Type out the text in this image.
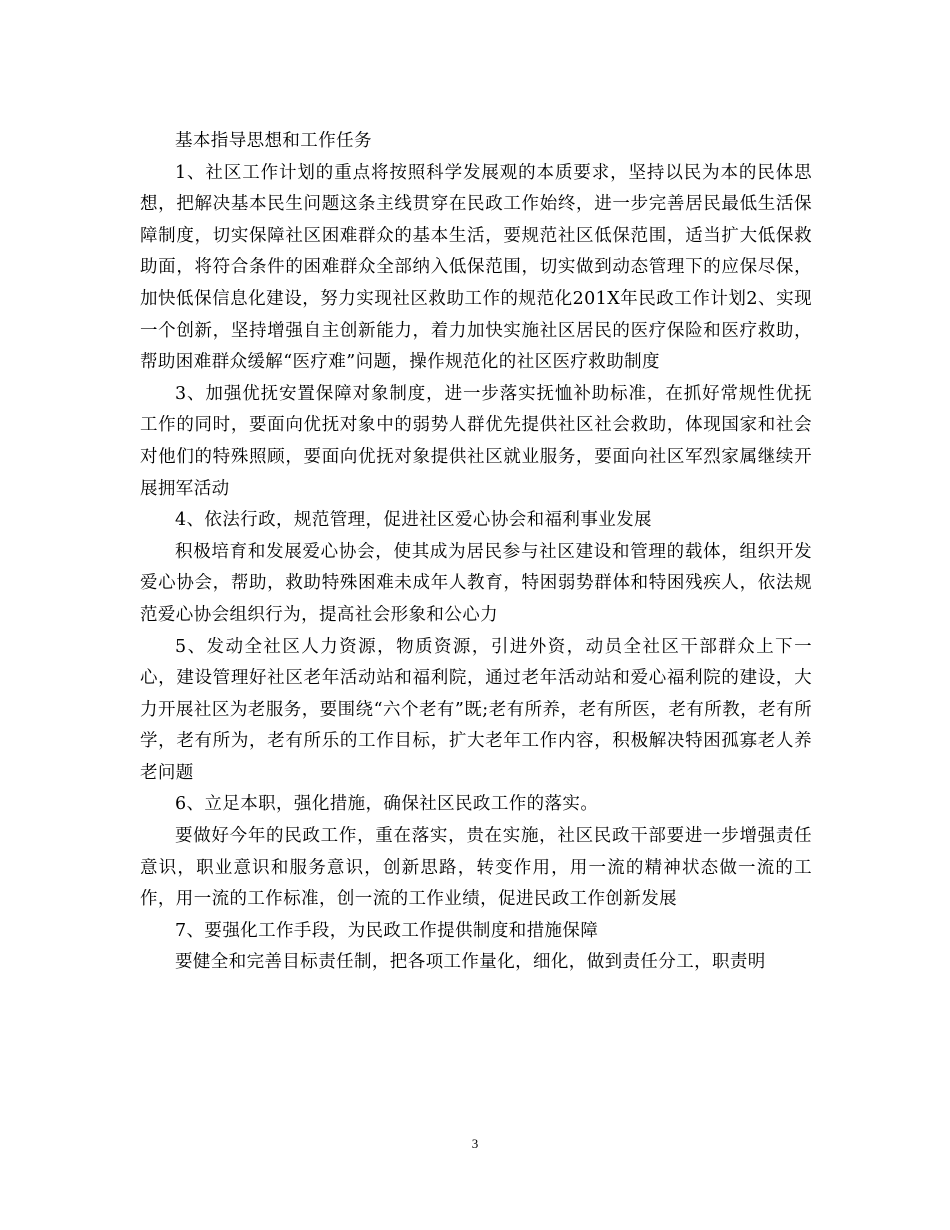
基本指导思想和工作任务

1、社区工作计划的重点将按照科学发展观的本质要求，坚持以民为本的民体思想，把解决基本民生问题这条主线贯穿在民政工作始终，进一步完善居民最低生活保障制度，切实保障社区困难群众的基本生活，要规范社区低保范围，适当扩大低保救助面，将符合条件的困难群众全部纳入低保范围，切实做到动态管理下的应保尽保，加快低保信息化建设，努力实现社区救助工作的规范化201X年民政工作计划2、实现一个创新，坚持增强自主创新能力，着力加快实施社区居民的医疗保险和医疗救助，帮助困难群众缓解“医疗难”问题，操作规范化的社区医疗救助制度

3、加强优抚安置保障对象制度，进一步落实抚恤补助标准，在抓好常规性优抚工作的同时，要面向优抚对象中的弱势人群优先提供社区社会救助，体现国家和社会对他们的特殊照顾，要面向优抚对象提供社区就业服务，要面向社区军烈家属继续开展拥军活动

4、依法行政，规范管理，促进社区爱心协会和福利事业发展

积极培育和发展爱心协会，使其成为居民参与社区建设和管理的载体，组织开发爱心协会，帮助，救助特殊困难未成年人教育，特困弱势群体和特困残疾人，依法规范爱心协会组织行为，提高社会形象和公心力

5、发动全社区人力资源，物质资源，引进外资，动员全社区干部群众上下一心，建设管理好社区老年活动站和福利院，通过老年活动站和爱心福利院的建设，大力开展社区为老服务，要围绕“六个老有”既;老有所养，老有所医，老有所教，老有所学，老有所为，老有所乐的工作目标，扩大老年工作内容，积极解决特困孤寡老人养老问题

6、立足本职，强化措施，确保社区民政工作的落实。

要做好今年的民政工作，重在落实，贵在实施，社区民政干部要进一步增强责任意识，职业意识和服务意识，创新思路，转变作用，用一流的精神状态做一流的工作，用一流的工作标准，创一流的工作业绩，促进民政工作创新发展

7、要强化工作手段，为民政工作提供制度和措施保障

要健全和完善目标责任制，把各项工作量化，细化，做到责任分工，职责明

3
